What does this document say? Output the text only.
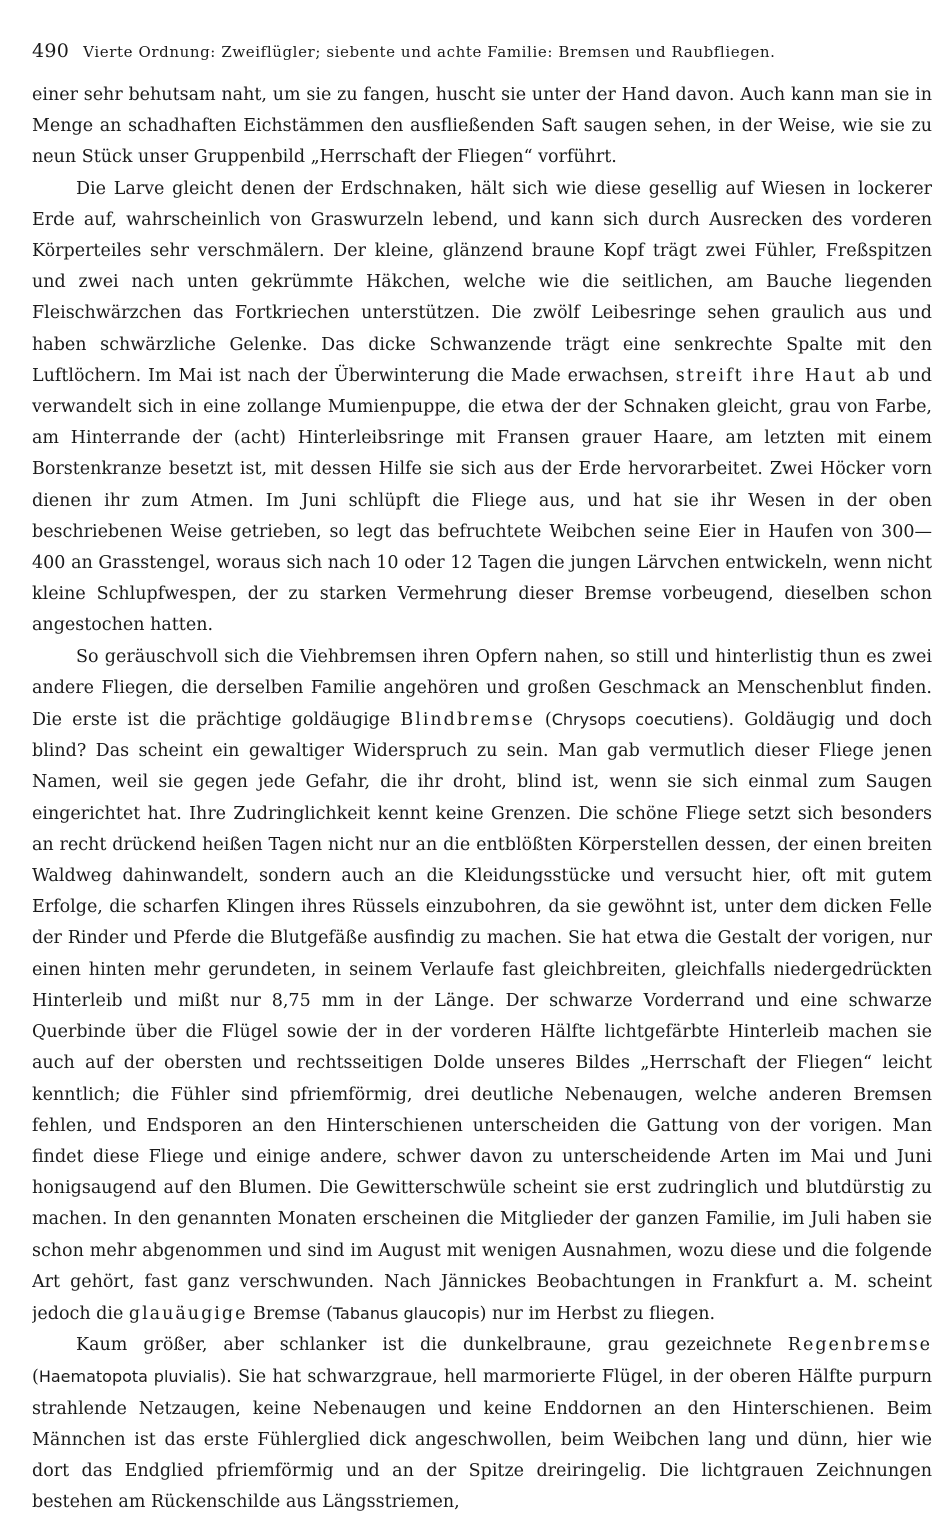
490 Vierte Ordnung: Zweiflügler; siebente und achte Familie: Bremsen und Raubfliegen.

einer sehr behutsam naht, um sie zu fangen, huscht sie unter der Hand davon. Auch kann man sie in Menge an schadhaften Eichstämmen den ausfließenden Saft saugen sehen, in der Weise, wie sie zu neun Stück unser Gruppenbild „Herrschaft der Fliegen“ vorführt.

Die Larve gleicht denen der Erdschnaken, hält sich wie diese gesellig auf Wiesen in lockerer Erde auf, wahrscheinlich von Graswurzeln lebend, und kann sich durch Ausrecken des vorderen Körperteiles sehr verschmälern. Der kleine, glänzend braune Kopf trägt zwei Fühler, Freßspitzen und zwei nach unten gekrümmte Häkchen, welche wie die seitlichen, am Bauche liegenden Fleischwärzchen das Fortkriechen unterstützen. Die zwölf Leibesringe sehen graulich aus und haben schwärzliche Gelenke. Das dicke Schwanzende trägt eine senkrechte Spalte mit den Luftlöchern. Im Mai ist nach der Überwinterung die Made erwachsen, streift ihre Haut ab und verwandelt sich in eine zollange Mumienpuppe, die etwa der der Schnaken gleicht, grau von Farbe, am Hinterrande der (acht) Hinterleibsringe mit Fransen grauer Haare, am letzten mit einem Borstenkranze besetzt ist, mit dessen Hilfe sie sich aus der Erde hervorarbeitet. Zwei Höcker vorn dienen ihr zum Atmen. Im Juni schlüpft die Fliege aus, und hat sie ihr Wesen in der oben beschriebenen Weise getrieben, so legt das befruchtete Weibchen seine Eier in Haufen von 300—400 an Grasstengel, woraus sich nach 10 oder 12 Tagen die jungen Lärvchen entwickeln, wenn nicht kleine Schlupfwespen, der zu starken Vermehrung dieser Bremse vorbeugend, dieselben schon angestochen hatten.

So geräuschvoll sich die Viehbremsen ihren Opfern nahen, so still und hinterlistig thun es zwei andere Fliegen, die derselben Familie angehören und großen Geschmack an Menschenblut finden. Die erste ist die prächtige goldäugige Blindbremse (Chrysops coecutiens). Goldäugig und doch blind? Das scheint ein gewaltiger Widerspruch zu sein. Man gab vermutlich dieser Fliege jenen Namen, weil sie gegen jede Gefahr, die ihr droht, blind ist, wenn sie sich einmal zum Saugen eingerichtet hat. Ihre Zudringlichkeit kennt keine Grenzen. Die schöne Fliege setzt sich besonders an recht drückend heißen Tagen nicht nur an die entblößten Körperstellen dessen, der einen breiten Waldweg dahinwandelt, sondern auch an die Kleidungsstücke und versucht hier, oft mit gutem Erfolge, die scharfen Klingen ihres Rüssels einzubohren, da sie gewöhnt ist, unter dem dicken Felle der Rinder und Pferde die Blutgefäße ausfindig zu machen. Sie hat etwa die Gestalt der vorigen, nur einen hinten mehr gerundeten, in seinem Verlaufe fast gleichbreiten, gleichfalls niedergedrückten Hinterleib und mißt nur 8,75 mm in der Länge. Der schwarze Vorderrand und eine schwarze Querbinde über die Flügel sowie der in der vorderen Hälfte lichtgefärbte Hinterleib machen sie auch auf der obersten und rechtsseitigen Dolde unseres Bildes „Herrschaft der Fliegen“ leicht kenntlich; die Fühler sind pfriemförmig, drei deutliche Nebenaugen, welche anderen Bremsen fehlen, und Endsporen an den Hinterschienen unterscheiden die Gattung von der vorigen. Man findet diese Fliege und einige andere, schwer davon zu unterscheidende Arten im Mai und Juni honigsaugend auf den Blumen. Die Gewitterschwüle scheint sie erst zudringlich und blutdürstig zu machen. In den genannten Monaten erscheinen die Mitglieder der ganzen Familie, im Juli haben sie schon mehr abgenommen und sind im August mit wenigen Ausnahmen, wozu diese und die folgende Art gehört, fast ganz verschwunden. Nach Jännickes Beobachtungen in Frankfurt a. M. scheint jedoch die glauäugige Bremse (Tabanus glaucopis) nur im Herbst zu fliegen.

Kaum größer, aber schlanker ist die dunkelbraune, grau gezeichnete Regenbremse (Haematopota pluvialis). Sie hat schwarzgraue, hell marmorierte Flügel, in der oberen Hälfte purpurn strahlende Netzaugen, keine Nebenaugen und keine Enddornen an den Hinterschienen. Beim Männchen ist das erste Fühlerglied dick angeschwollen, beim Weibchen lang und dünn, hier wie dort das Endglied pfriemförmig und an der Spitze dreiringelig. Die lichtgrauen Zeichnungen bestehen am Rückenschilde aus Längsstriemen,
